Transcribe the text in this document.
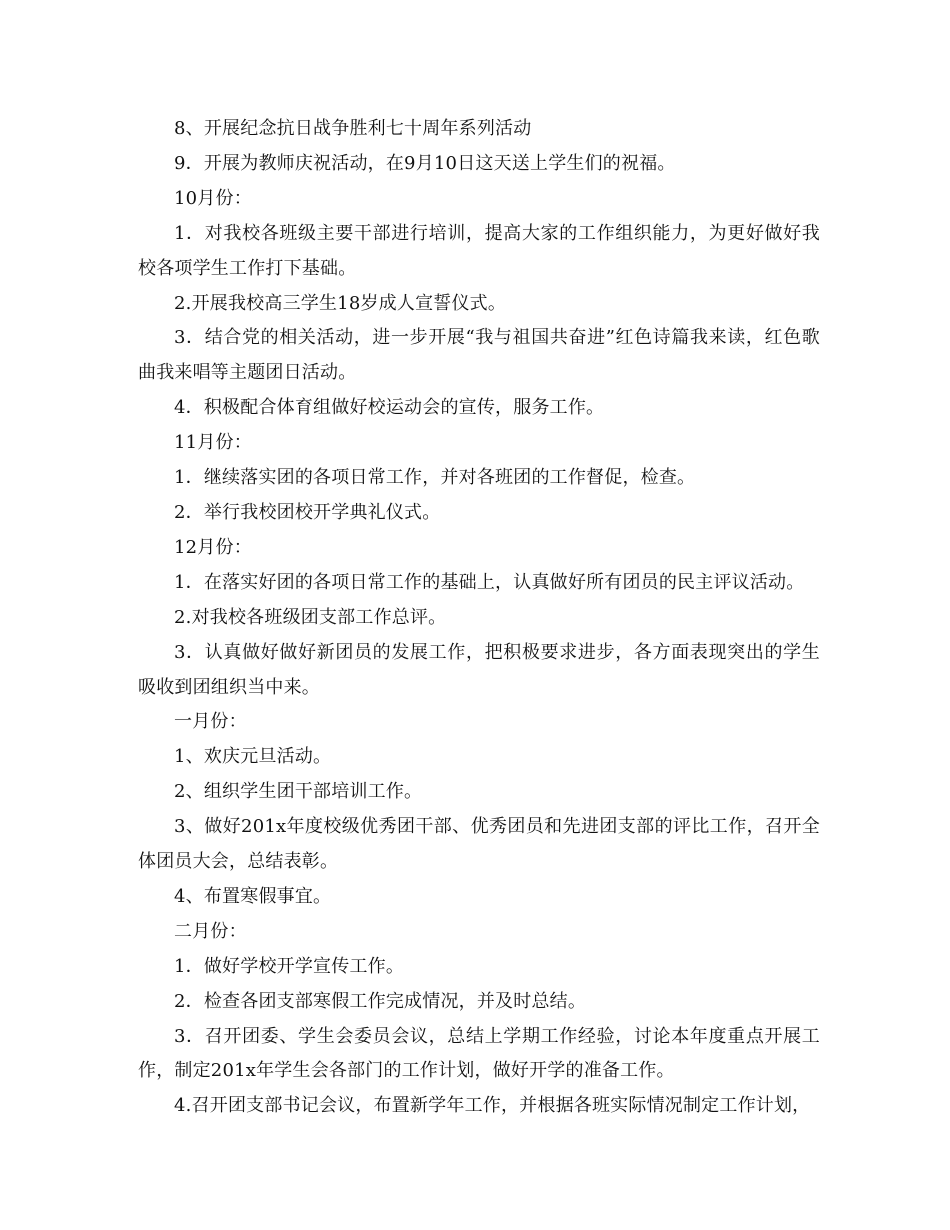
8、开展纪念抗日战争胜利七十周年系列活动

9．开展为教师庆祝活动，在9月10日这天送上学生们的祝福。

10月份：

1．对我校各班级主要干部进行培训，提高大家的工作组织能力，为更好做好我校各项学生工作打下基础。

2.开展我校高三学生18岁成人宣誓仪式。

3．结合党的相关活动，进一步开展“我与祖国共奋进”红色诗篇我来读，红色歌曲我来唱等主题团日活动。

4．积极配合体育组做好校运动会的宣传，服务工作。

11月份：

1．继续落实团的各项日常工作，并对各班团的工作督促，检查。

2．举行我校团校开学典礼仪式。

12月份：

1．在落实好团的各项日常工作的基础上，认真做好所有团员的民主评议活动。

2.对我校各班级团支部工作总评。

3．认真做好做好新团员的发展工作，把积极要求进步，各方面表现突出的学生吸收到团组织当中来。

一月份：

1、欢庆元旦活动。

2、组织学生团干部培训工作。

3、做好201x年度校级优秀团干部、优秀团员和先进团支部的评比工作，召开全体团员大会，总结表彰。

4、布置寒假事宜。

二月份：

1．做好学校开学宣传工作。

2．检查各团支部寒假工作完成情况，并及时总结。

3．召开团委、学生会委员会议，总结上学期工作经验，讨论本年度重点开展工作，制定201x年学生会各部门的工作计划，做好开学的准备工作。

4.召开团支部书记会议，布置新学年工作，并根据各班实际情况制定工作计划，
